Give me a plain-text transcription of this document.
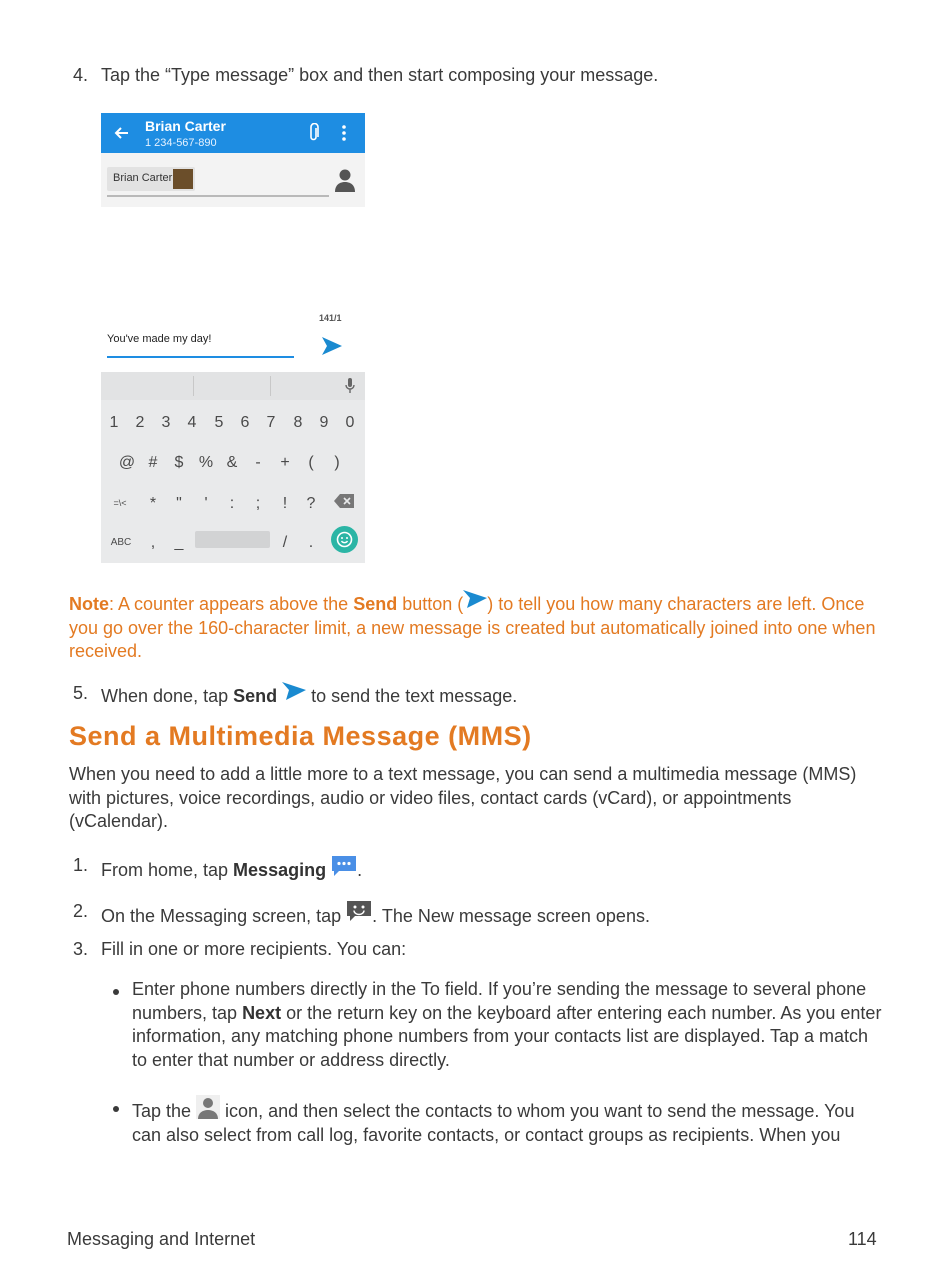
4. Tap the “Type message” box and then start composing your message.
Brian Carter
1 234-567-890
Brian Carter
141/1
You've made my day!
1	2	3	4	5	6	7	8	9	0
@ #	$ % &	-	+	(	)
=\<	*	"	'	:	;	!	?
ABC	,	_	/	.
Note: A counter appears above the Send button ( ) to tell you how many characters are left. Once you go over the 160-character limit, a new message is created but automatically joined into one when received.
5. When done, tap Send  to send the text message.
Send a Multimedia Message (MMS)
When you need to add a little more to a text message, you can send a multimedia message (MMS) with pictures, voice recordings, audio or video files, contact cards (vCard), or appointments (vCalendar).
1. From home, tap Messaging .
2. On the Messaging screen, tap . The New message screen opens.
3. Fill in one or more recipients. You can:
Enter phone numbers directly in the To field. If you’re sending the message to several phone numbers, tap Next or the return key on the keyboard after entering each number. As you enter information, any matching phone numbers from your contacts list are displayed. Tap a match to enter that number or address directly.
Tap the  icon, and then select the contacts to whom you want to send the message. You can also select from call log, favorite contacts, or contact groups as recipients. When you
Messaging and Internet	114
